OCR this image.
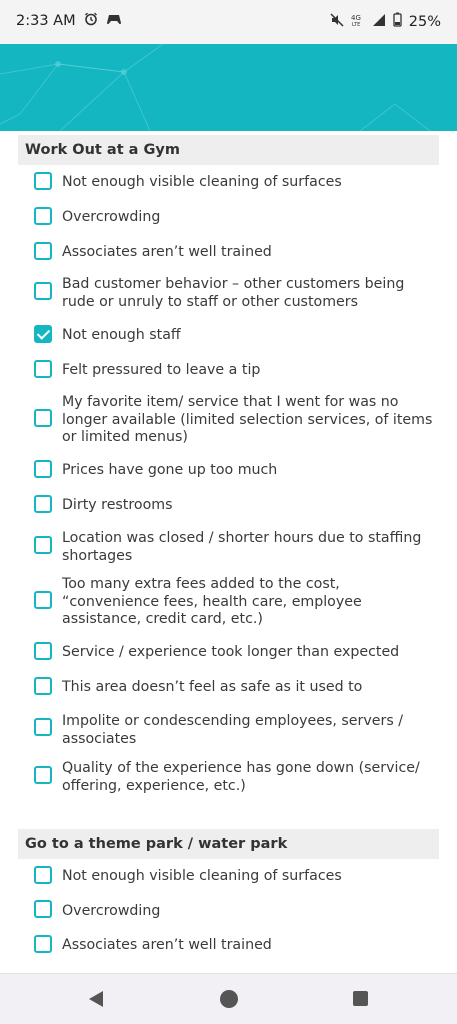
2:33 AM	4G
LTE	25%
Work Out at a Gym
Not enough visible cleaning of surfaces
Overcrowding
Associates aren’t well trained
Bad customer behavior – other customers being rude or unruly to staff or other customers
Not enough staff
Felt pressured to leave a tip
My favorite item/ service that I went for was no longer available (limited selection services, of items or limited menus)
Prices have gone up too much
Dirty restrooms
Location was closed / shorter hours due to staffing shortages
Too many extra fees added to the cost, “convenience fees, health care, employee assistance, credit card, etc.)
Service / experience took longer than expected
This area doesn’t feel as safe as it used to
Impolite or condescending employees, servers / associates
Quality of the experience has gone down (service/ offering, experience, etc.)
Go to a theme park / water park
Not enough visible cleaning of surfaces
Overcrowding
Associates aren’t well trained
